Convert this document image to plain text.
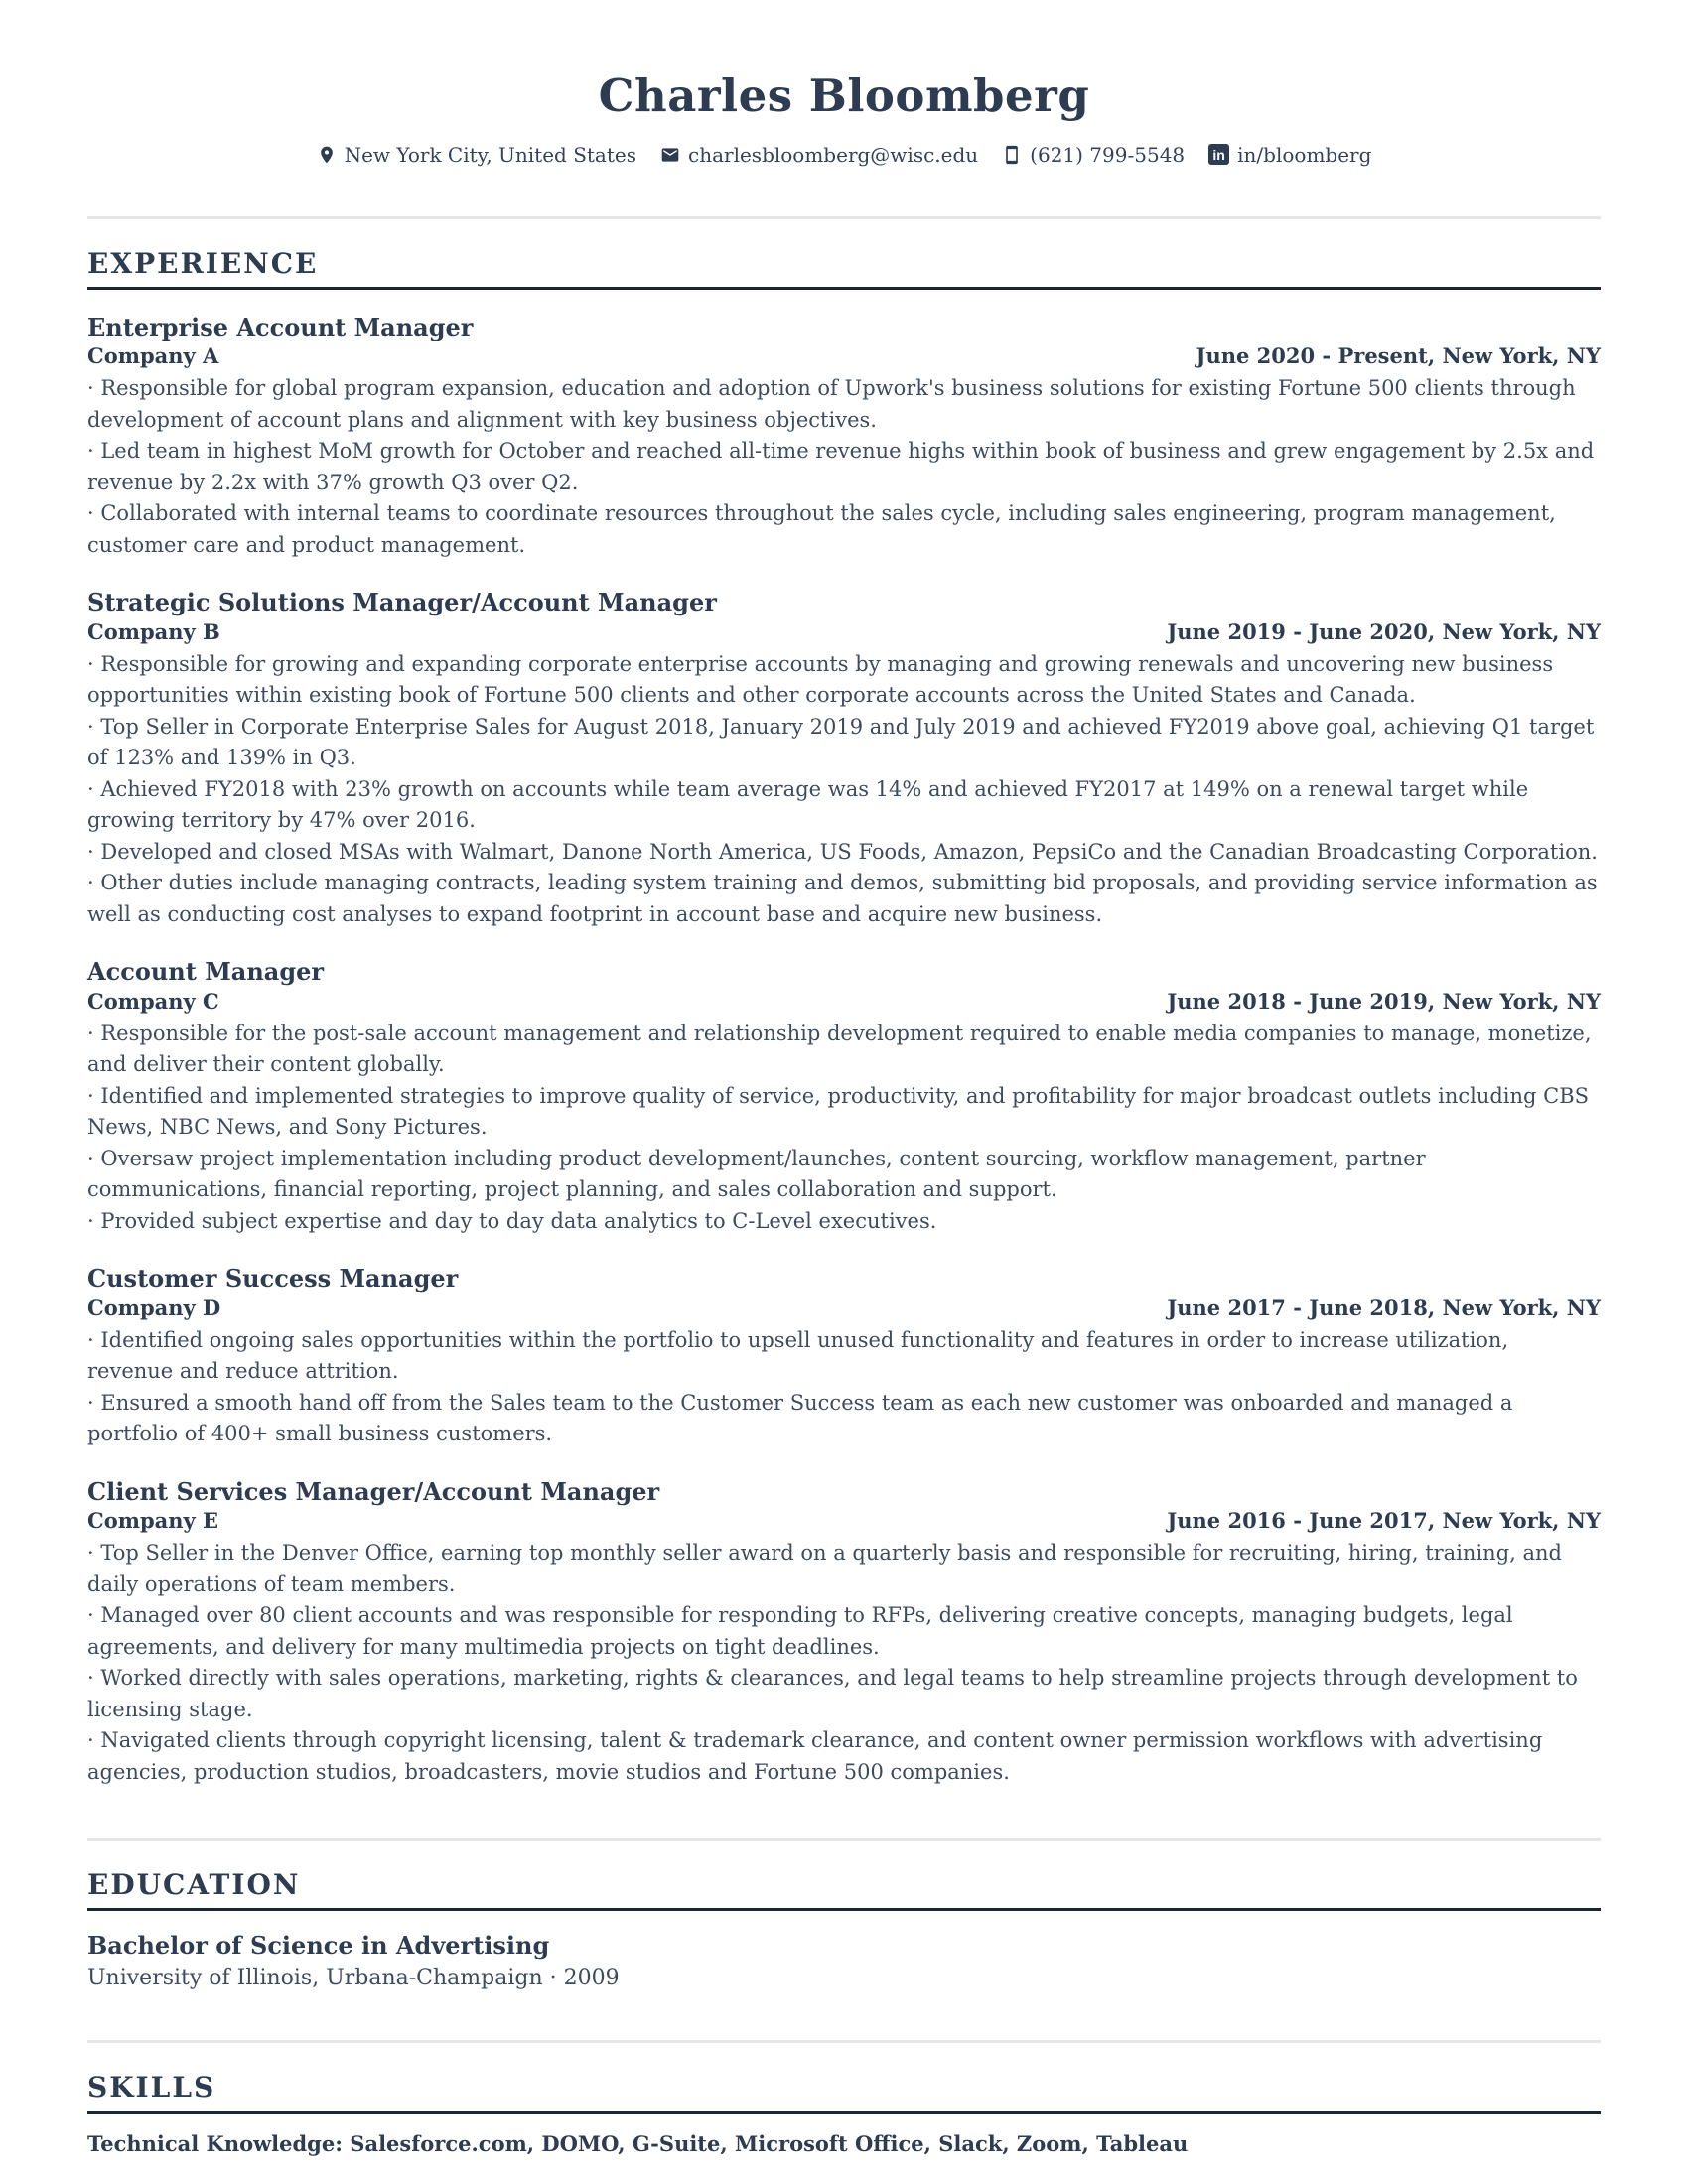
Charles Bloomberg
New York City, United States	charlesbloomberg@wisc.edu	(621) 799-5548	in in/bloomberg
EXPERIENCE
Enterprise Account Manager
Company A	June 2020 - Present, New York, NY

· Responsible for global program expansion, education and adoption of Upwork's business solutions for existing Fortune 500 clients through development of account plans and alignment with key business objectives.

· Led team in highest MoM growth for October and reached all-time revenue highs within book of business and grew engagement by 2.5x and revenue by 2.2x with 37% growth Q3 over Q2.

· Collaborated with internal teams to coordinate resources throughout the sales cycle, including sales engineering, program management, customer care and product management.

Strategic Solutions Manager/Account Manager
Company B	June 2019 - June 2020, New York, NY

· Responsible for growing and expanding corporate enterprise accounts by managing and growing renewals and uncovering new business opportunities within existing book of Fortune 500 clients and other corporate accounts across the United States and Canada.

· Top Seller in Corporate Enterprise Sales for August 2018, January 2019 and July 2019 and achieved FY2019 above goal, achieving Q1 target of 123% and 139% in Q3.

· Achieved FY2018 with 23% growth on accounts while team average was 14% and achieved FY2017 at 149% on a renewal target while growing territory by 47% over 2016.

· Developed and closed MSAs with Walmart, Danone North America, US Foods, Amazon, PepsiCo and the Canadian Broadcasting Corporation.

· Other duties include managing contracts, leading system training and demos, submitting bid proposals, and providing service information as well as conducting cost analyses to expand footprint in account base and acquire new business.

Account Manager
Company C	June 2018 - June 2019, New York, NY

· Responsible for the post-sale account management and relationship development required to enable media companies to manage, monetize, and deliver their content globally.

· Identified and implemented strategies to improve quality of service, productivity, and profitability for major broadcast outlets including CBS News, NBC News, and Sony Pictures.

· Oversaw project implementation including product development/launches, content sourcing, workflow management, partner communications, financial reporting, project planning, and sales collaboration and support.

· Provided subject expertise and day to day data analytics to C-Level executives.

Customer Success Manager
Company D	June 2017 - June 2018, New York, NY

· Identified ongoing sales opportunities within the portfolio to upsell unused functionality and features in order to increase utilization, revenue and reduce attrition.

· Ensured a smooth hand off from the Sales team to the Customer Success team as each new customer was onboarded and managed a portfolio of 400+ small business customers.

Client Services Manager/Account Manager
Company E	June 2016 - June 2017, New York, NY

· Top Seller in the Denver Office, earning top monthly seller award on a quarterly basis and responsible for recruiting, hiring, training, and daily operations of team members.

· Managed over 80 client accounts and was responsible for responding to RFPs, delivering creative concepts, managing budgets, legal agreements, and delivery for many multimedia projects on tight deadlines.

· Worked directly with sales operations, marketing, rights & clearances, and legal teams to help streamline projects through development to licensing stage.

· Navigated clients through copyright licensing, talent & trademark clearance, and content owner permission workflows with advertising agencies, production studios, broadcasters, movie studios and Fortune 500 companies.

EDUCATION
Bachelor of Science in Advertising
University of Illinois, Urbana-Champaign · 2009
SKILLS
Technical Knowledge: Salesforce.com, DOMO, G-Suite, Microsoft Office, Slack, Zoom, Tableau
